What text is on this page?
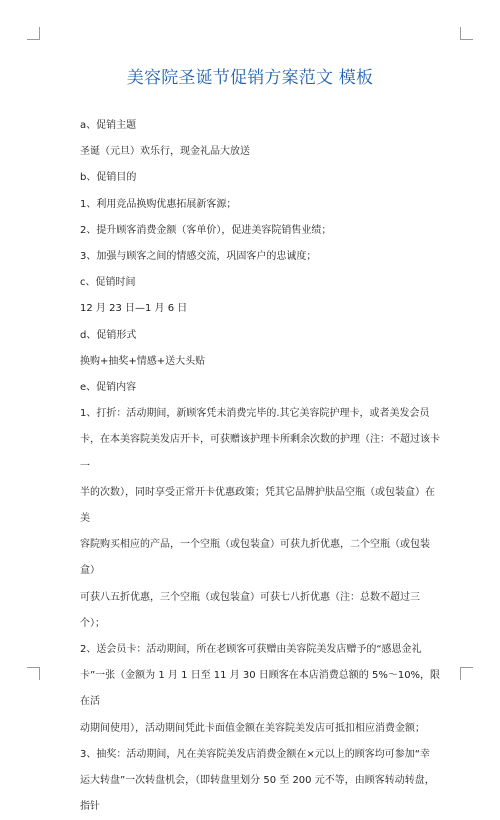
美容院圣诞节促销方案范文 模板

a、促销主题

圣诞（元旦）欢乐行，现金礼品大放送

b、促销目的

1、利用竞品换购优惠拓展新客源；

2、提升顾客消费金额（客单价），促进美容院销售业绩；

3、加强与顾客之间的情感交流，巩固客户的忠诚度；

c、促销时间

12 月 23 日—1 月 6 日

d、促销形式

换购+抽奖+情感+送大头贴

e、促销内容

1、打折：活动期间，新顾客凭未消费完毕的.其它美容院护理卡，或者美发会员

卡，在本美容院美发店开卡，可获赠该护理卡所剩余次数的护理（注：不超过该卡一

半的次数），同时享受正常开卡优惠政策；凭其它品牌护肤品空瓶（或包装盒）在美

容院购买相应的产品，一个空瓶（或包装盒）可获九折优惠，二个空瓶（或包装盒）

可获八五折优惠，三个空瓶（或包装盒）可获七八折优惠（注：总数不超过三个）；

2、送会员卡：活动期间，所在老顾客可获赠由美容院美发店赠予的“感恩金礼

卡”一张（金额为 1 月 1 日至 11 月 30 日顾客在本店消费总额的 5%～10%，限在活

动期间使用），活动期间凭此卡面值金额在美容院美发店可抵扣相应消费金额；

3、抽奖：活动期间，凡在美容院美发店消费金额在×元以上的顾客均可参加“幸

运大转盘”一次转盘机会，（即转盘里划分 50 至 200 元不等，由顾客转动转盘，指针
